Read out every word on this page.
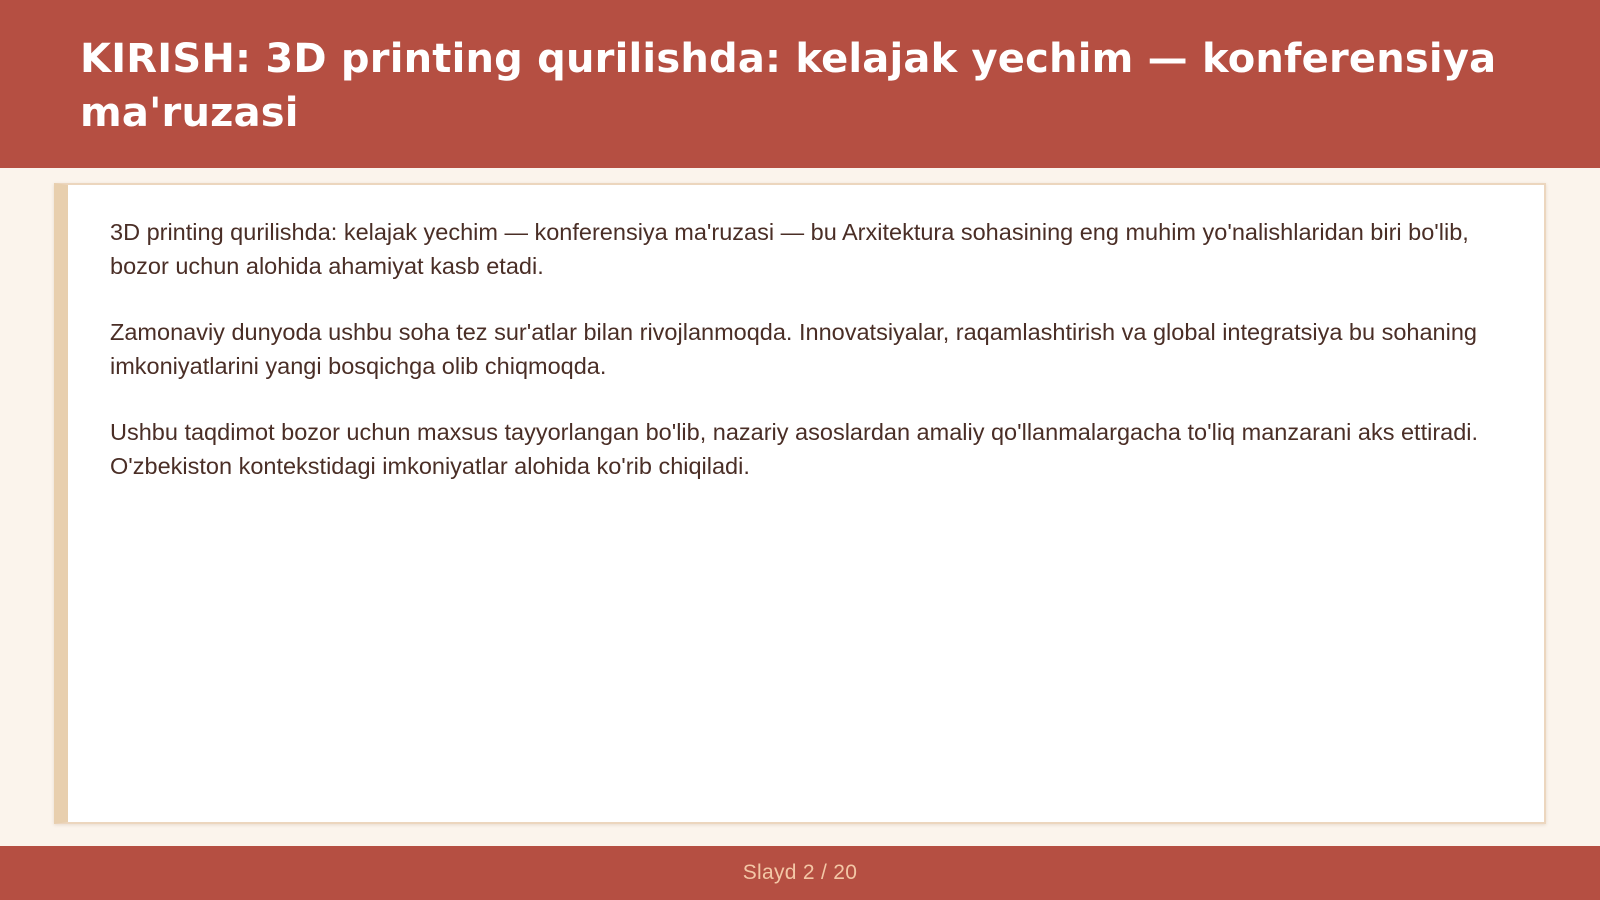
KIRISH: 3D printing qurilishda: kelajak yechim — konferensiya ma'ruzasi

3D printing qurilishda: kelajak yechim — konferensiya ma'ruzasi — bu Arxitektura sohasining eng muhim yo'nalishlaridan biri bo'lib, bozor uchun alohida ahamiyat kasb etadi.

Zamonaviy dunyoda ushbu soha tez sur'atlar bilan rivojlanmoqda. Innovatsiyalar, raqamlashtirish va global integratsiya bu sohaning imkoniyatlarini yangi bosqichga olib chiqmoqda.

Ushbu taqdimot bozor uchun maxsus tayyorlangan bo'lib, nazariy asoslardan amaliy qo'llanmalargacha to'liq manzarani aks ettiradi. O'zbekiston kontekstidagi imkoniyatlar alohida ko'rib chiqiladi.

Slayd 2 / 20
